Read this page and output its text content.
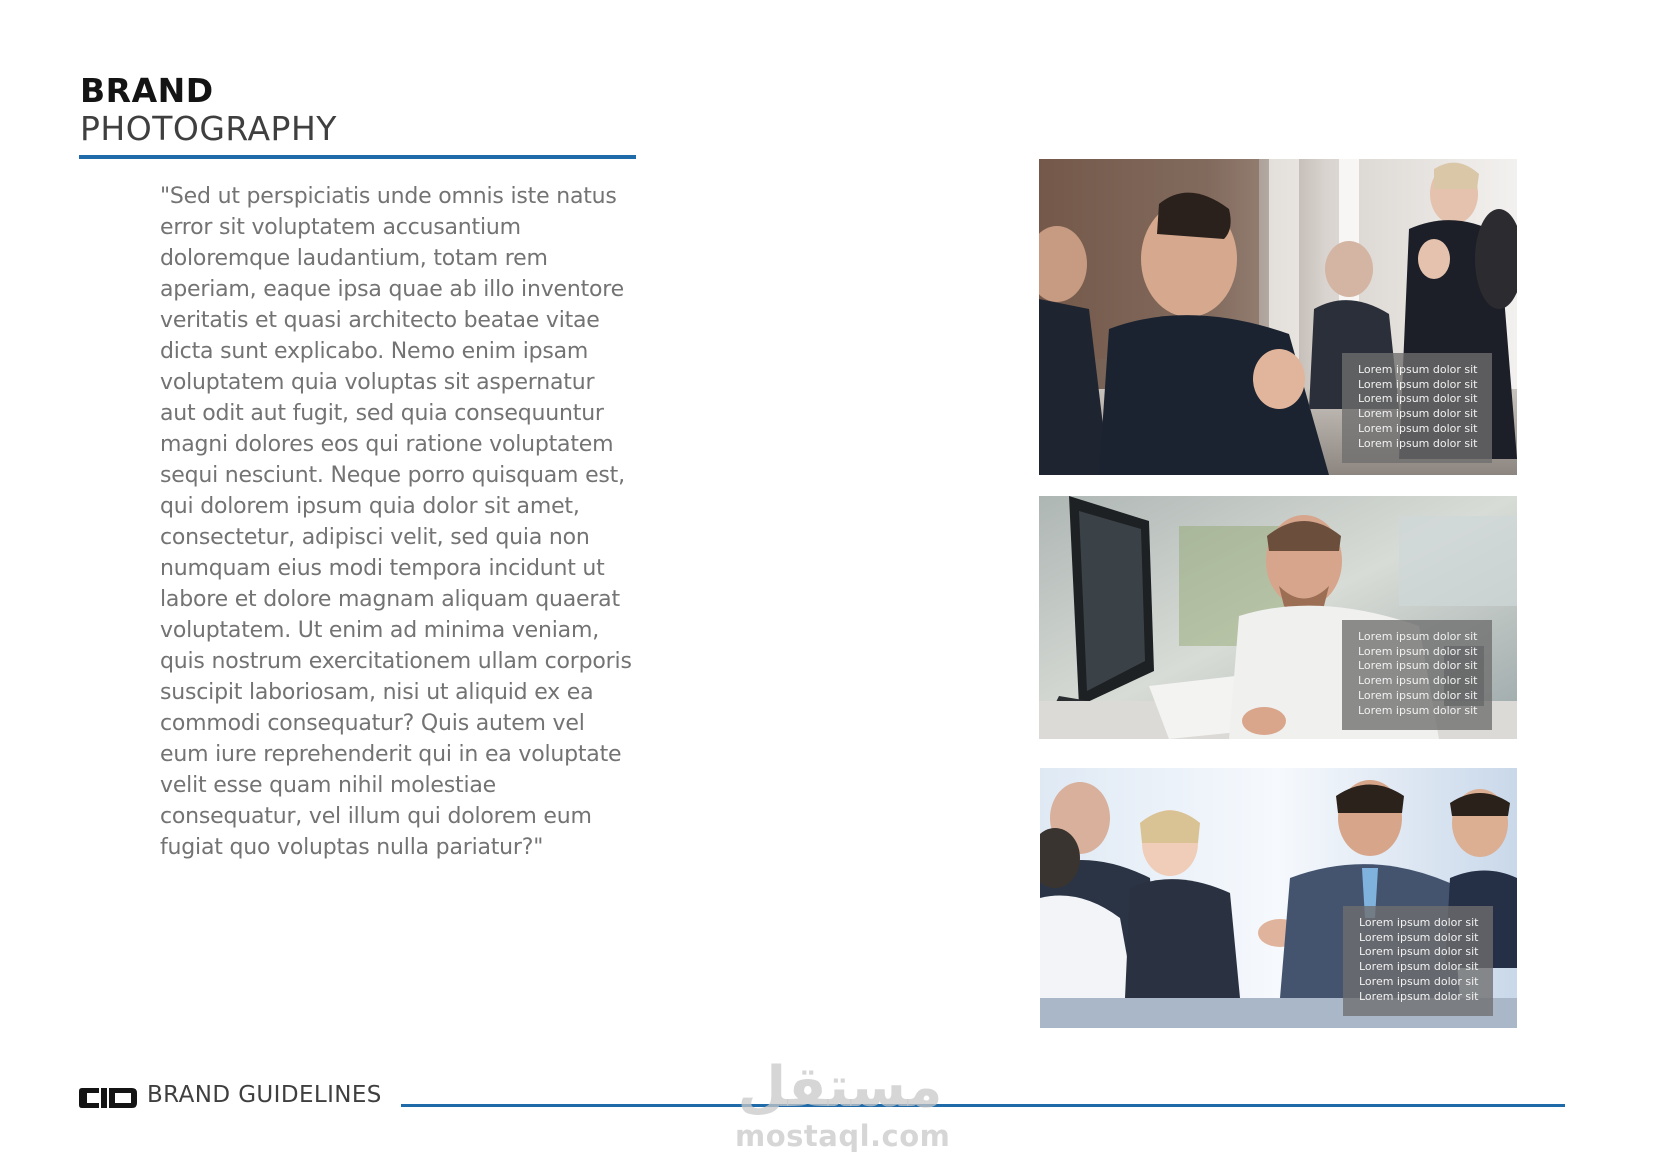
BRAND
PHOTOGRAPHY
"Sed ut perspiciatis unde omnis iste natus error sit voluptatem accusantium doloremque laudantium, totam rem aperiam, eaque ipsa quae ab illo inventore veritatis et quasi architecto beatae vitae dicta sunt explicabo. Nemo enim ipsam voluptatem quia voluptas sit aspernatur aut odit aut fugit, sed quia consequuntur magni dolores eos qui ratione voluptatem sequi nesciunt. Neque porro quisquam est, qui dolorem ipsum quia dolor sit amet, consectetur, adipisci velit, sed quia non numquam eius modi tempora incidunt ut labore et dolore magnam aliquam quaerat voluptatem. Ut enim ad minima veniam, quis nostrum exercitationem ullam corporis suscipit laboriosam, nisi ut aliquid ex ea commodi consequatur? Quis autem vel eum iure reprehenderit qui in ea voluptate velit esse quam nihil molestiae consequatur, vel illum qui dolorem eum fugiat quo voluptas nulla pariatur?"
Lorem ipsum dolor sit
Lorem ipsum dolor sit
Lorem ipsum dolor sit
Lorem ipsum dolor sit
Lorem ipsum dolor sit
Lorem ipsum dolor sit
Lorem ipsum dolor sit
Lorem ipsum dolor sit
Lorem ipsum dolor sit
Lorem ipsum dolor sit
Lorem ipsum dolor sit
Lorem ipsum dolor sit
Lorem ipsum dolor sit
Lorem ipsum dolor sit
Lorem ipsum dolor sit
Lorem ipsum dolor sit
Lorem ipsum dolor sit
Lorem ipsum dolor sit
BRAND GUIDELINES	مستقل
mostaql.com
